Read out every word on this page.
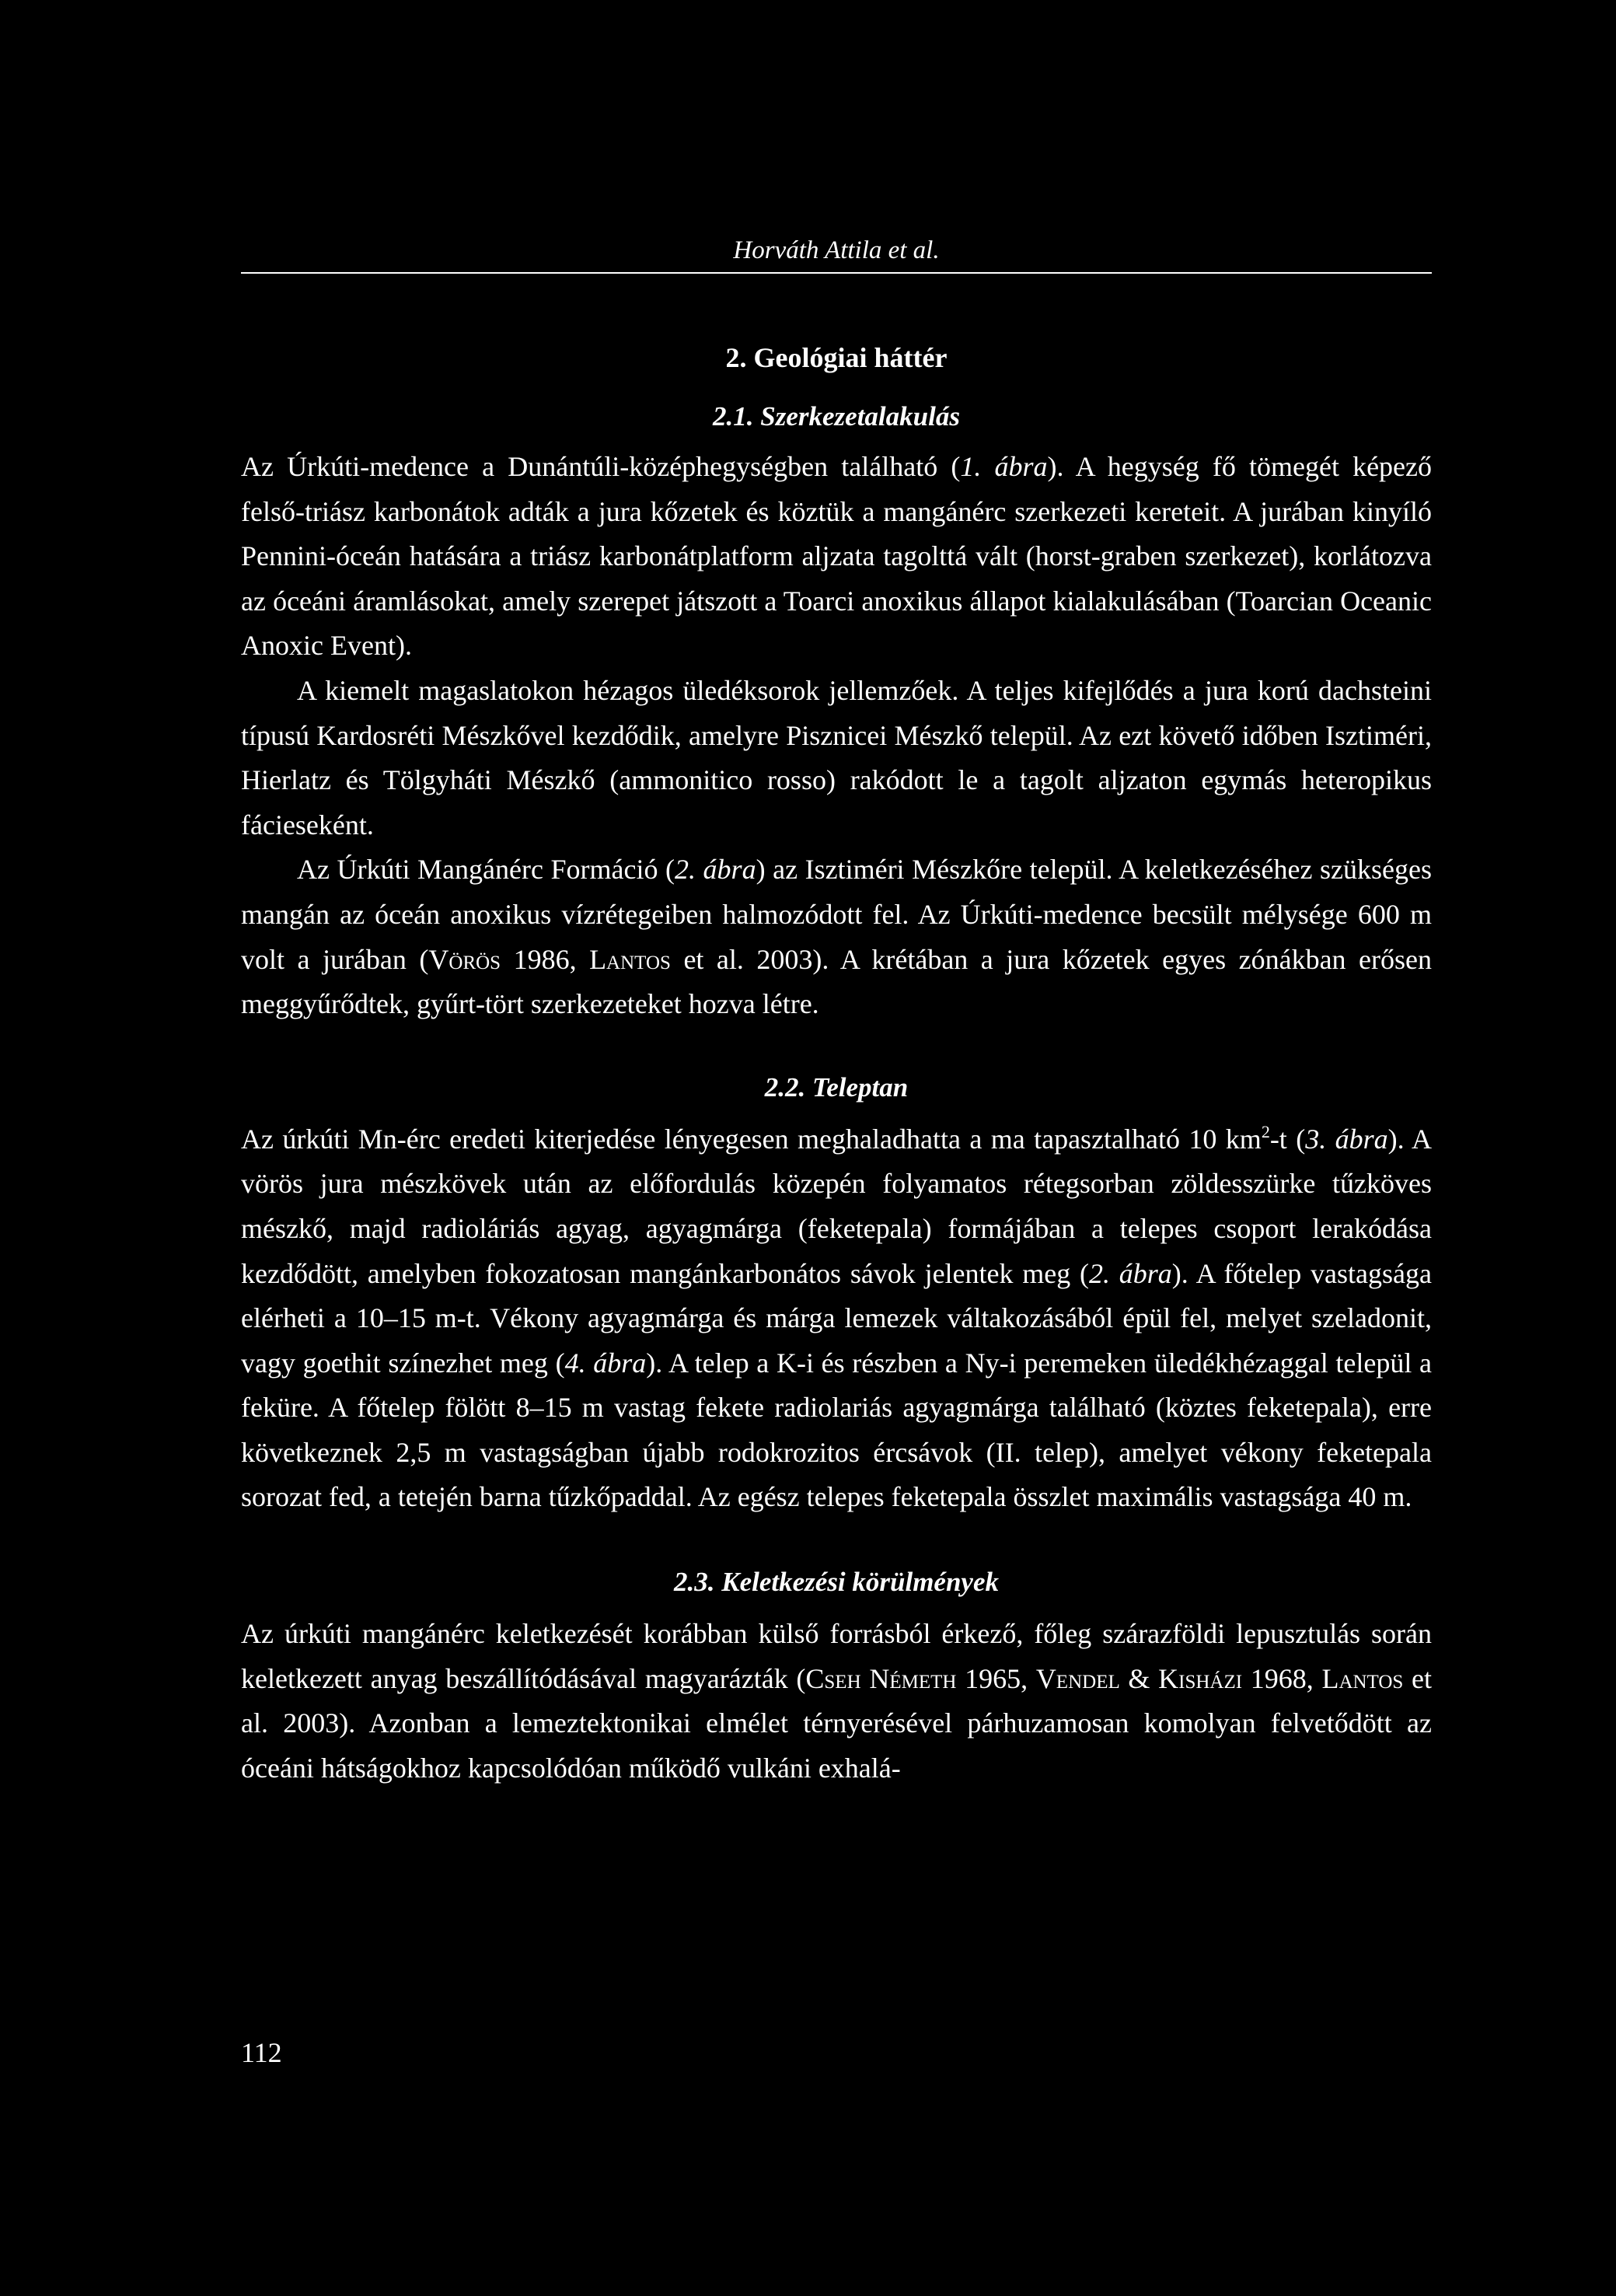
Horváth Attila et al.
2. Geológiai háttér
2.1. Szerkezetalakulás

Az Úrkúti-medence a Dunántúli-középhegységben található (1. ábra). A hegység fő tömegét képező felső-triász karbonátok adták a jura kőzetek és köztük a mangánérc szerkezeti kereteit. A jurában kinyíló Pennini-óceán hatására a triász karbonátplatform aljzata tagolttá vált (horst-graben szerkezet), korlátozva az óceáni áramlásokat, amely szerepet játszott a Toarci anoxikus állapot kialakulásában (Toarcian Oceanic Anoxic Event).

A kiemelt magaslatokon hézagos üledéksorok jellemzőek. A teljes kifejlődés a jura korú dachsteini típusú Kardosréti Mészkővel kezdődik, amelyre Pisznicei Mészkő települ. Az ezt követő időben Isztiméri, Hierlatz és Tölgyháti Mészkő (ammonitico rosso) rakódott le a tagolt aljzaton egymás heteropikus fácieseként.

Az Úrkúti Mangánérc Formáció (2. ábra) az Isztiméri Mészkőre települ. A keletkezéséhez szükséges mangán az óceán anoxikus vízrétegeiben halmozódott fel. Az Úrkúti-medence becsült mélysége 600 m volt a jurában (Vörös 1986, Lantos et al. 2003). A krétában a jura kőzetek egyes zónákban erősen meggyűrődtek, gyűrt-tört szerkezeteket hozva létre.

2.2. Teleptan

Az úrkúti Mn-érc eredeti kiterjedése lényegesen meghaladhatta a ma tapasztalható 10 $km^2-t$ (3. ábra). A vörös jura mészkövek után az előfordulás közepén folyamatos rétegsorban zöldesszürke tűzköves mészkő, majd radioláriás agyag, agyagmárga (feketepala) formájában a telepes csoport lerakódása kezdődött, amelyben fokozatosan mangánkarbonátos sávok jelentek meg (2. ábra). A főtelep vastagsága elérheti a 10–15 m-t. Vékony agyagmárga és márga lemezek váltakozásából épül fel, melyet szeladonit, vagy goethit színezhet meg (4. ábra). A telep a K-i és részben a Ny-i peremeken üledékhézaggal települ a feküre. A főtelep fölött 8–15 m vastag fekete radiolariás agyagmárga található (köztes feketepala), erre következnek 2,5 m vastagságban újabb rodokrozitos ércsávok (II. telep), amelyet vékony feketepala sorozat fed, a tetején barna tűzkőpaddal. Az egész telepes feketepala összlet maximális vastagsága 40 m.

2.3. Keletkezési körülmények

Az úrkúti mangánérc keletkezését korábban külső forrásból érkező, főleg szárazföldi lepusztulás során keletkezett anyag beszállítódásával magyarázták (Cseh Németh 1965, Vendel & Kisházi 1968, Lantos et al. 2003). Azonban a lemeztektonikai elmélet térnyerésével párhuzamosan komolyan felvetődött az óceáni hátságokhoz kapcsolódóan működő vulkáni exhalá-

112
